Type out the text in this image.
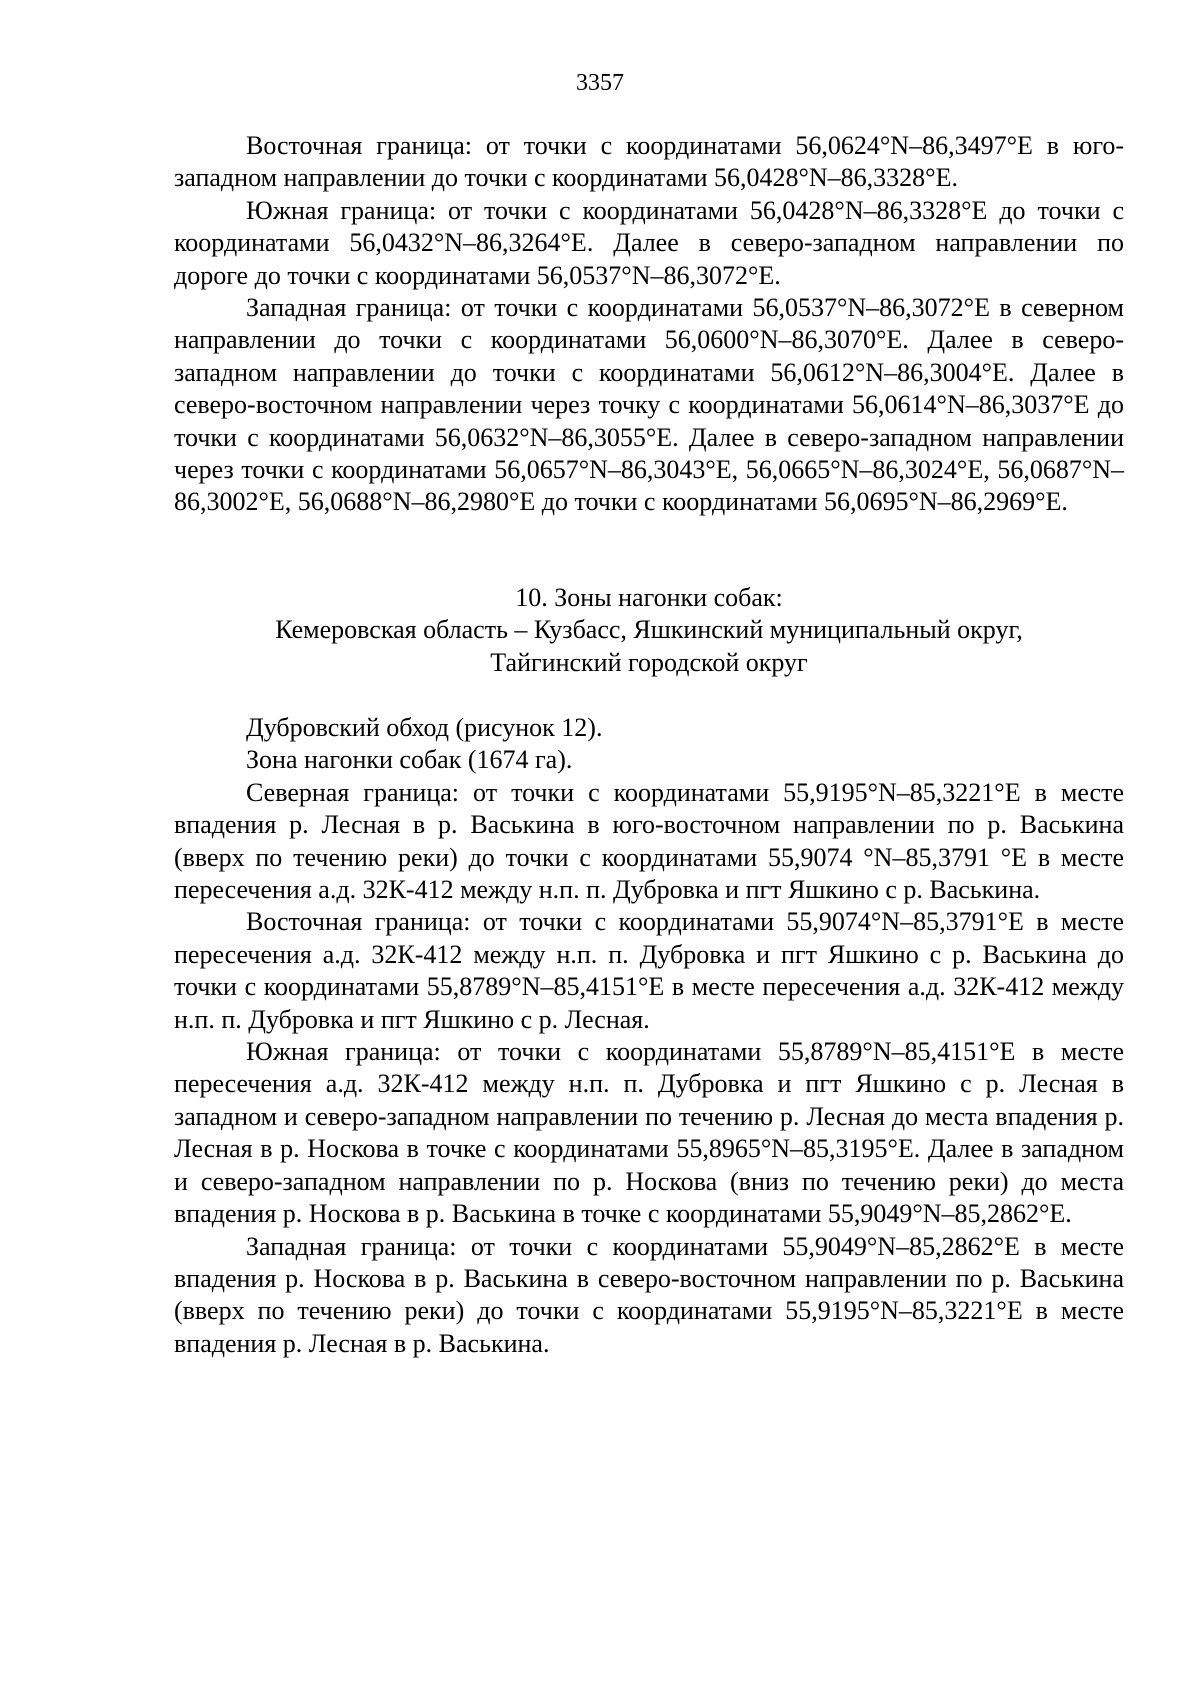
3357

Восточная граница: от точки с координатами 56,0624°N–86,3497°E в юго-западном направлении до точки с координатами 56,0428°N–86,3328°E.

Южная граница: от точки с координатами 56,0428°N–86,3328°E до точки с координатами 56,0432°N–86,3264°E. Далее в северо-западном направлении по дороге до точки с координатами 56,0537°N–86,3072°E.

Западная граница: от точки с координатами 56,0537°N–86,3072°E в северном направлении до точки с координатами 56,0600°N–86,3070°E. Далее в северо-западном направлении до точки с координатами 56,0612°N–86,3004°E. Далее в северо-восточном направлении через точку с координатами 56,0614°N–86,3037°E до точки с координатами 56,0632°N–86,3055°E. Далее в северо-западном направлении через точки с координатами 56,0657°N–86,3043°E, 56,0665°N–86,3024°E, 56,0687°N–86,3002°E, 56,0688°N–86,2980°E до точки с координатами 56,0695°N–86,2969°E.

10. Зоны нагонки собак:
Кемеровская область – Кузбасс, Яшкинский муниципальный округ,
Тайгинский городской округ

Дубровский обход (рисунок 12).

Зона нагонки собак (1674 га).

Северная граница: от точки с координатами 55,9195°N–85,3221°E в месте впадения р. Лесная в р. Васькина в юго-восточном направлении по р. Васькина (вверх по течению реки) до точки с координатами 55,9074 °N–85,3791 °E в месте пересечения а.д. 32К-412 между н.п. п. Дубровка и пгт Яшкино с р. Васькина.

Восточная граница: от точки с координатами 55,9074°N–85,3791°E в месте пересечения а.д. 32К-412 между н.п. п. Дубровка и пгт Яшкино с р. Васькина до точки с координатами 55,8789°N–85,4151°E в месте пересечения а.д. 32К-412 между н.п. п. Дубровка и пгт Яшкино с р. Лесная.

Южная граница: от точки с координатами 55,8789°N–85,4151°E в месте пересечения а.д. 32К-412 между н.п. п. Дубровка и пгт Яшкино с р. Лесная в западном и северо-западном направлении по течению р. Лесная до места впадения р. Лесная в р. Носкова в точке с координатами 55,8965°N–85,3195°E. Далее в западном и северо-западном направлении по р. Носкова (вниз по течению реки) до места впадения р. Носкова в р. Васькина в точке с координатами 55,9049°N–85,2862°E.

Западная граница: от точки с координатами 55,9049°N–85,2862°E в месте впадения р. Носкова в р. Васькина в северо-восточном направлении по р. Васькина (вверх по течению реки) до точки с координатами 55,9195°N–85,3221°E в месте впадения р. Лесная в р. Васькина.
